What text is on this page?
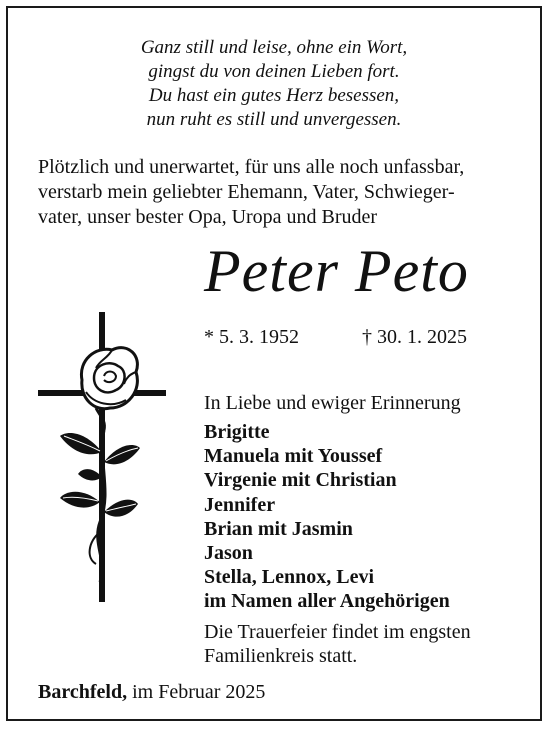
Ganz still und leise, ohne ein Wort,
gingst du von deinen Lieben fort.
Du hast ein gutes Herz besessen,
nun ruht es still und unvergessen.
Plötzlich und unerwartet, für uns alle noch unfassbar,
verstarb mein geliebter Ehemann, Vater, Schwieger-
vater, unser bester Opa, Uropa und Bruder
Peter Peto
* 5. 3. 1952	† 30. 1. 2025
In Liebe und ewiger Erinnerung
Brigitte
Manuela mit Youssef
Virgenie mit Christian
Jennifer
Brian mit Jasmin
Jason
Stella, Lennox, Levi
im Namen aller Angehörigen
Die Trauerfeier findet im engsten
Familienkreis statt.
Barchfeld, im Februar 2025
